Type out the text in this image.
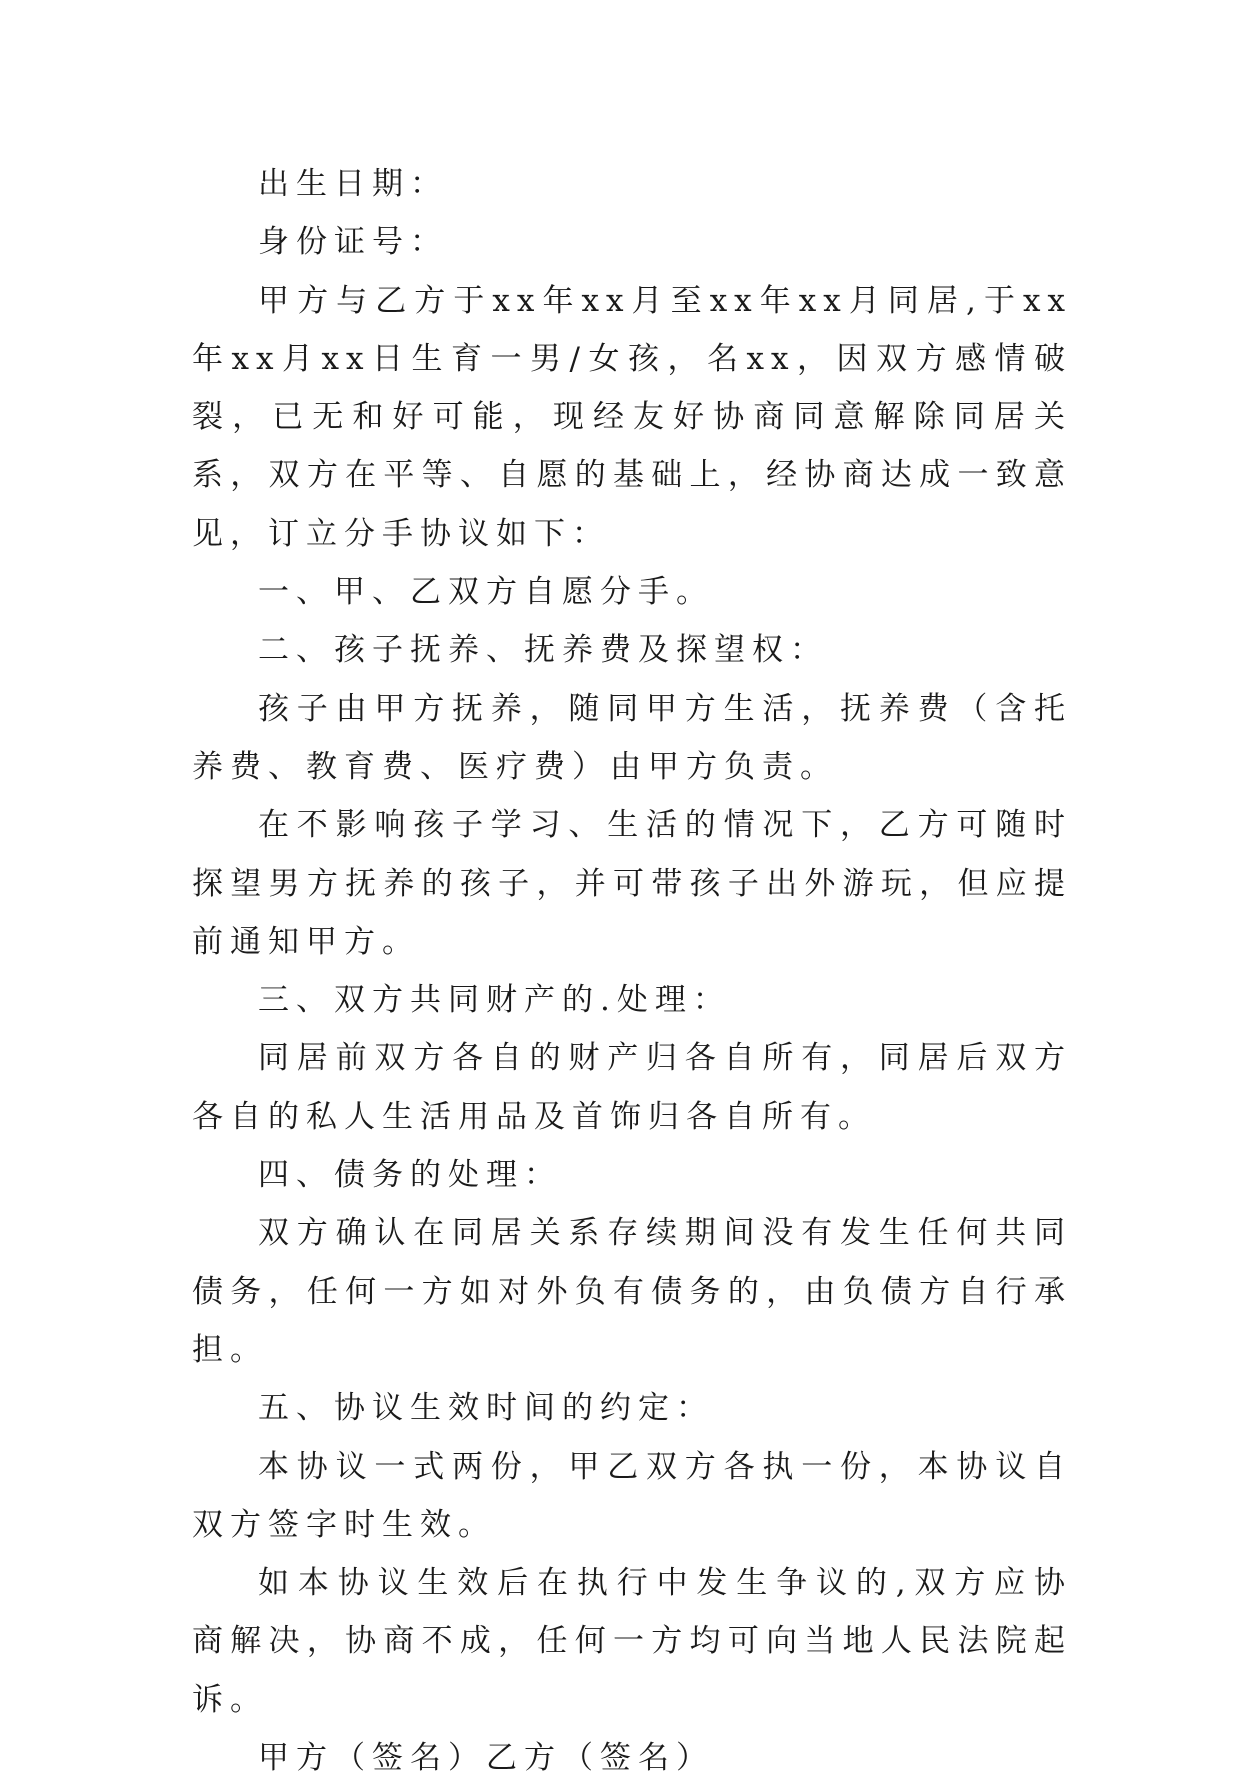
出生日期：

身份证号：

甲方与乙方于xx年xx月至xx年xx月同居,于xx年xx月xx日生育一男/女孩，名xx，因双方感情破裂，已无和好可能，现经友好协商同意解除同居关系，双方在平等、自愿的基础上，经协商达成一致意见，订立分手协议如下：

一、甲、乙双方自愿分手。

二、孩子抚养、抚养费及探望权：

孩子由甲方抚养，随同甲方生活，抚养费（含托养费、教育费、医疗费）由甲方负责。

在不影响孩子学习、生活的情况下，乙方可随时探望男方抚养的孩子，并可带孩子出外游玩，但应提前通知甲方。

三、双方共同财产的.处理：

同居前双方各自的财产归各自所有，同居后双方各自的私人生活用品及首饰归各自所有。

四、债务的处理：

双方确认在同居关系存续期间没有发生任何共同债务，任何一方如对外负有债务的，由负债方自行承担。

五、协议生效时间的约定：

本协议一式两份，甲乙双方各执一份，本协议自双方签字时生效。

如本协议生效后在执行中发生争议的,双方应协商解决，协商不成，任何一方均可向当地人民法院起诉。

甲方（签名）乙方（签名）
